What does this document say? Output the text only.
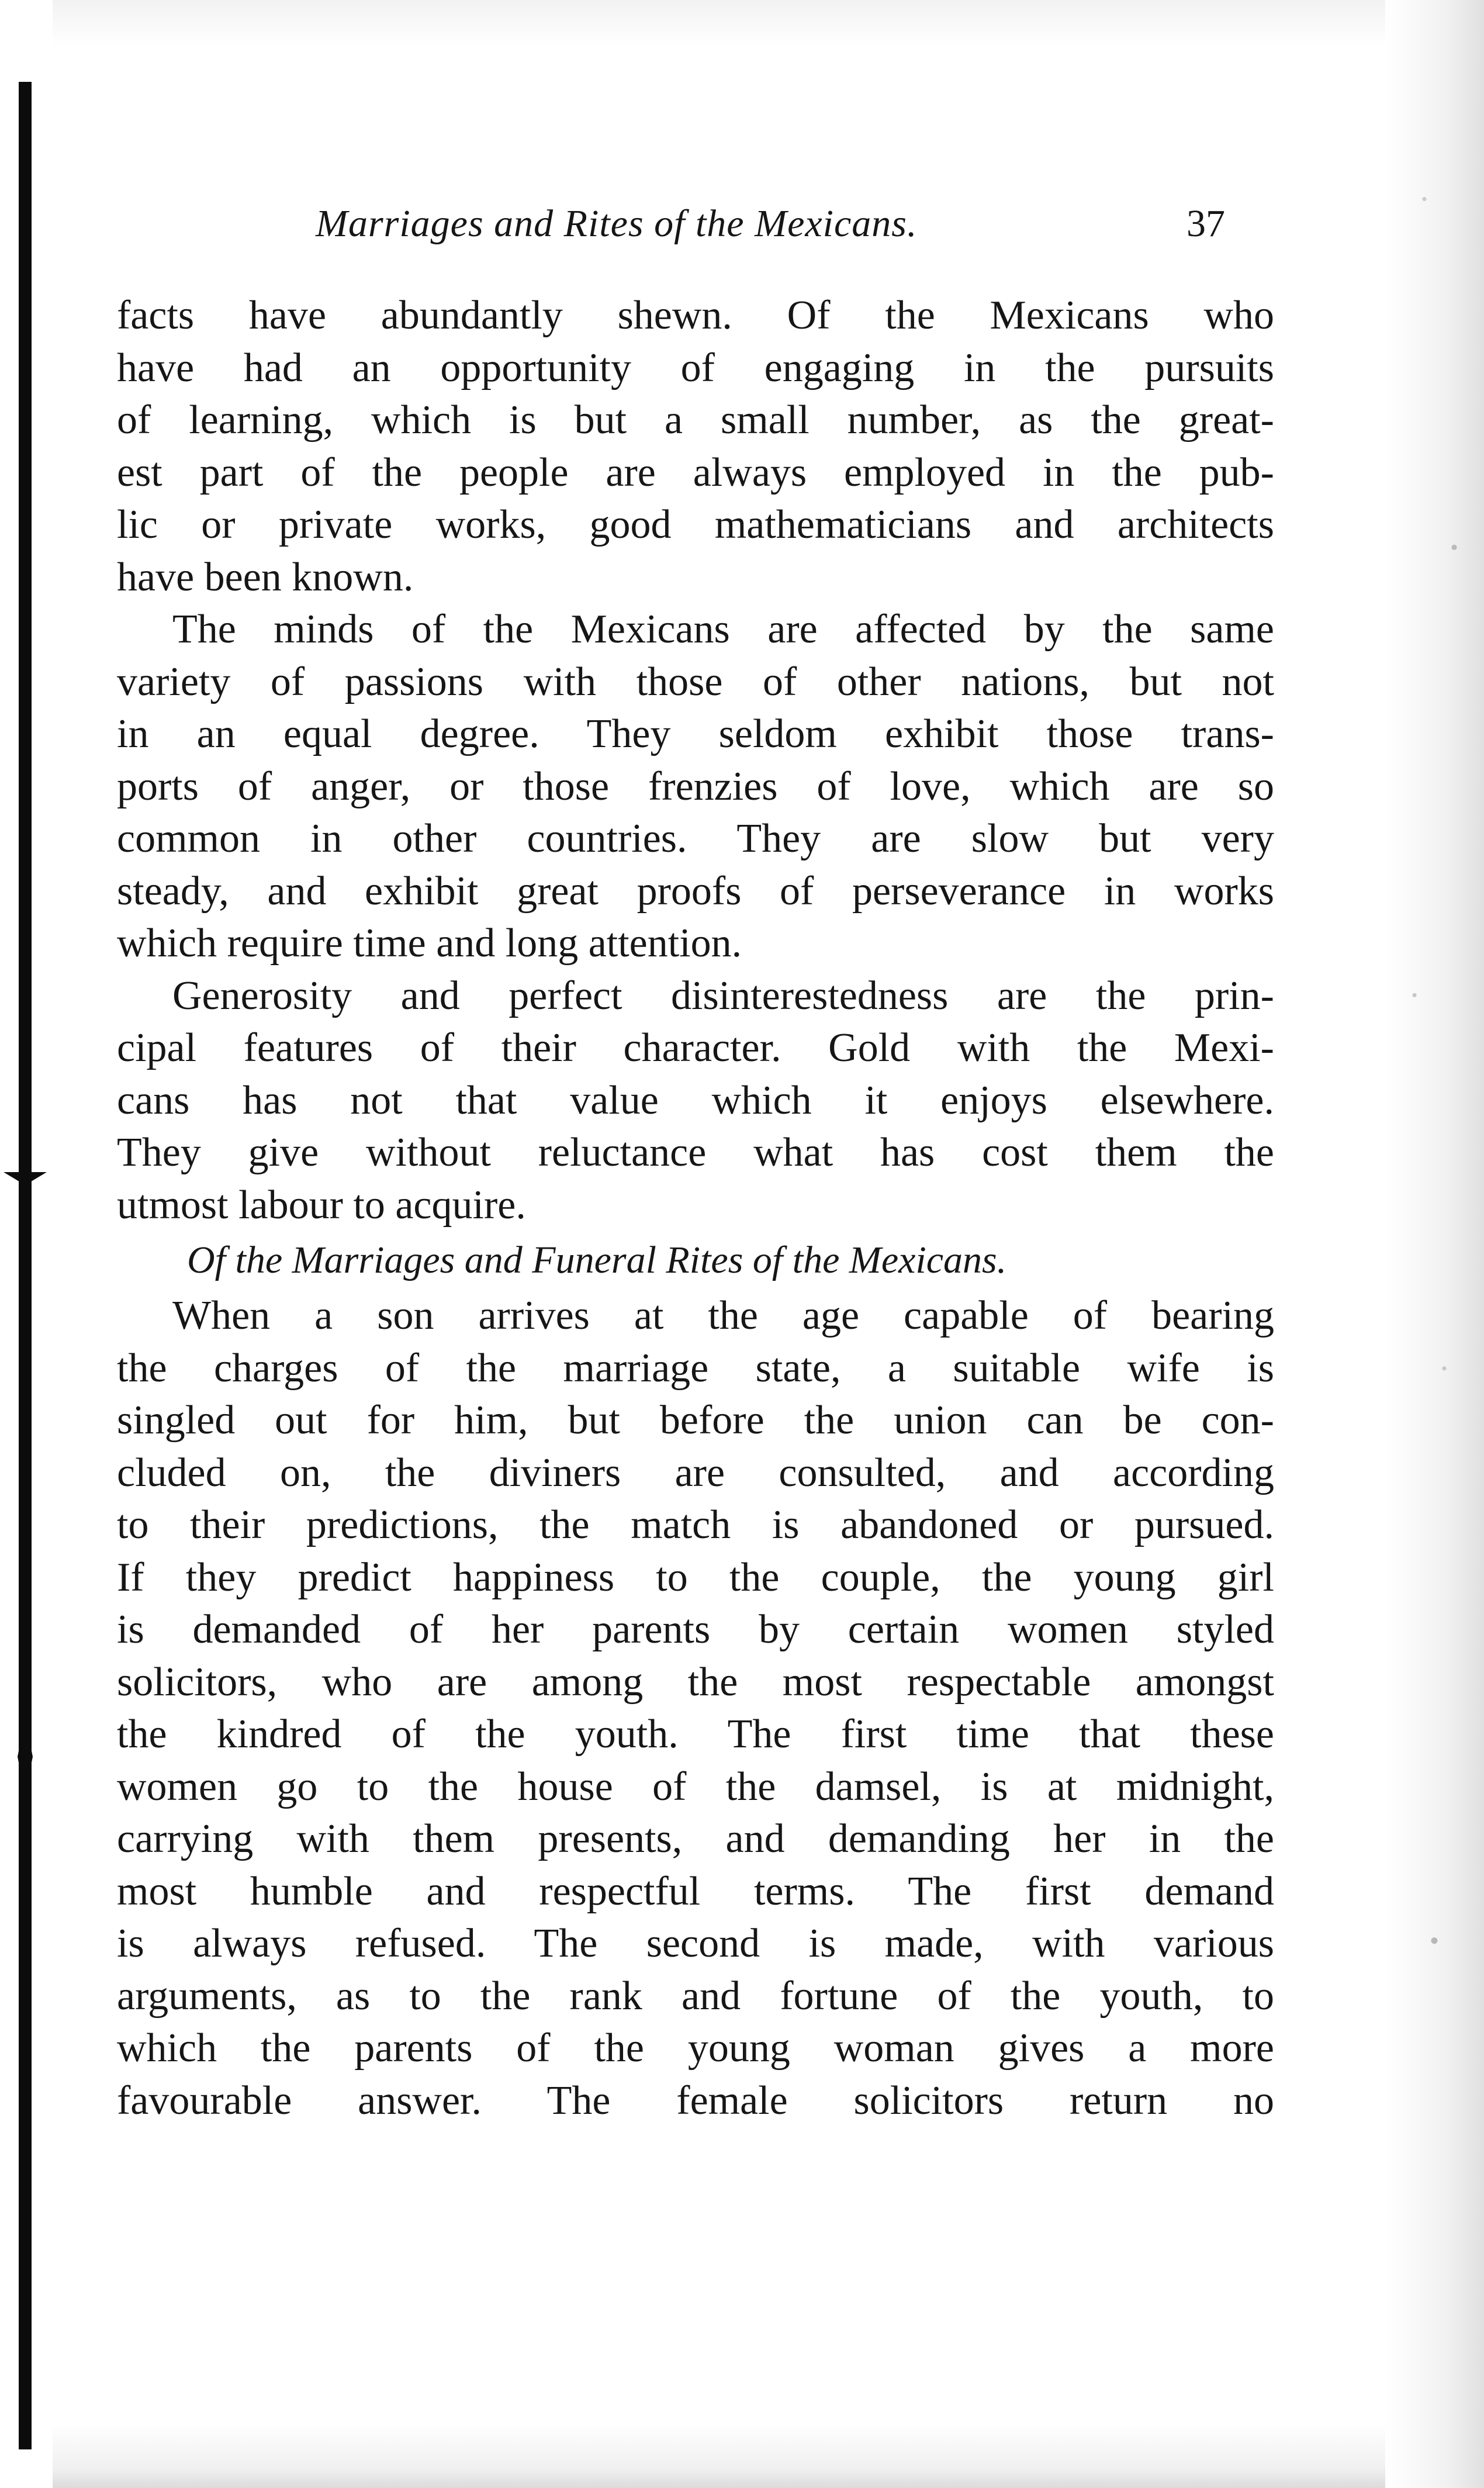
Marriages and Rites of the Mexicans.	37
facts have abundantly shewn. Of the Mexicans who
have had an opportunity of engaging in the pursuits
of learning, which is but a small number, as the great-
est part of the people are always employed in the pub-
lic or private works, good mathematicians and architects
have been known.
The minds of the Mexicans are affected by the same
variety of passions with those of other nations, but not
in an equal degree. They seldom exhibit those trans-
ports of anger, or those frenzies of love, which are so
common in other countries. They are slow but very
steady, and exhibit great proofs of perseverance in works
which require time and long attention.
Generosity and perfect disinterestedness are the prin-
cipal features of their character. Gold with the Mexi-
cans has not that value which it enjoys elsewhere.
They give without reluctance what has cost them the
utmost labour to acquire.
Of the Marriages and Funeral Rites of the Mexicans.
When a son arrives at the age capable of bearing
the charges of the marriage state, a suitable wife is
singled out for him, but before the union can be con-
cluded on, the diviners are consulted, and according
to their predictions, the match is abandoned or pursued.
If they predict happiness to the couple, the young girl
is demanded of her parents by certain women styled
solicitors, who are among the most respectable amongst
the kindred of the youth. The first time that these
women go to the house of the damsel, is at midnight,
carrying with them presents, and demanding her in the
most humble and respectful terms. The first demand
is always refused. The second is made, with various
arguments, as to the rank and fortune of the youth, to
which the parents of the young woman gives a more
favourable answer. The female solicitors return no
